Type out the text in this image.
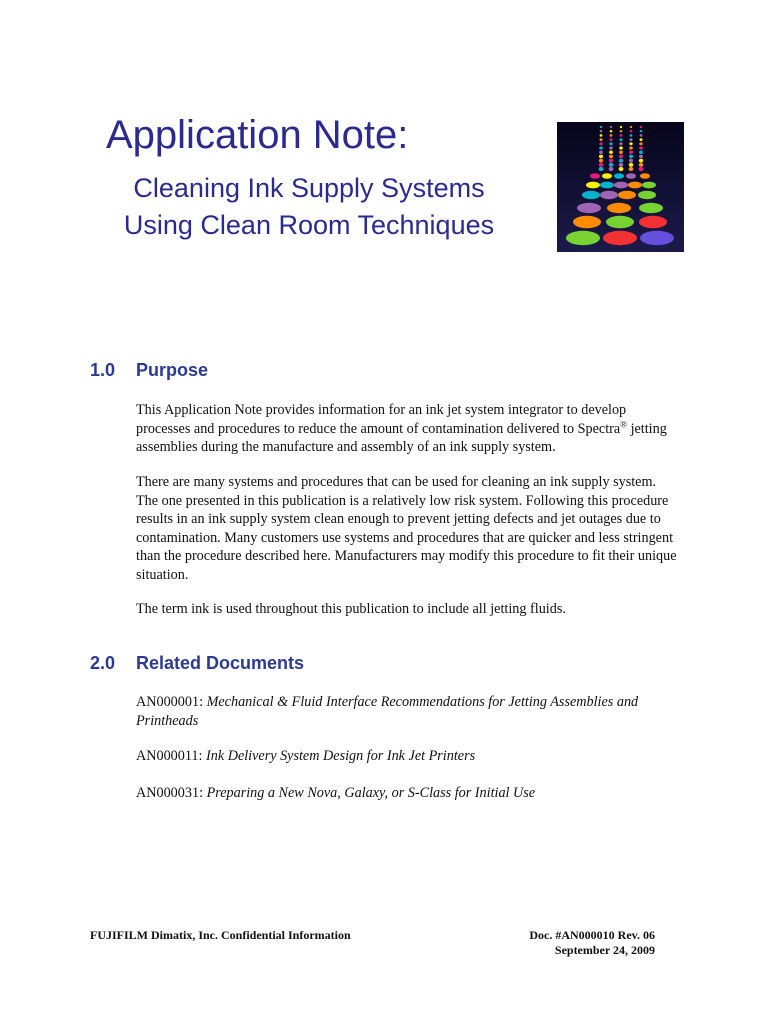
Application Note:
Cleaning Ink Supply Systems
Using Clean Room Techniques
1.0 Purpose

This Application Note provides information for an ink jet system integrator to develop processes and procedures to reduce the amount of contamination delivered to Spectra® jetting assemblies during the manufacture and assembly of an ink supply system.

There are many systems and procedures that can be used for cleaning an ink supply system. The one presented in this publication is a relatively low risk system. Following this procedure results in an ink supply system clean enough to prevent jetting defects and jet outages due to contamination. Many customers use systems and procedures that are quicker and less stringent than the procedure described here. Manufacturers may modify this procedure to fit their unique situation.

The term ink is used throughout this publication to include all jetting fluids.

2.0 Related Documents

AN000001: Mechanical & Fluid Interface Recommendations for Jetting Assemblies and Printheads

AN000011: Ink Delivery System Design for Ink Jet Printers

AN000031: Preparing a New Nova, Galaxy, or S-Class for Initial Use

FUJIFILM Dimatix, Inc. Confidential Information	Doc. #AN000010 Rev. 06
September 24, 2009
